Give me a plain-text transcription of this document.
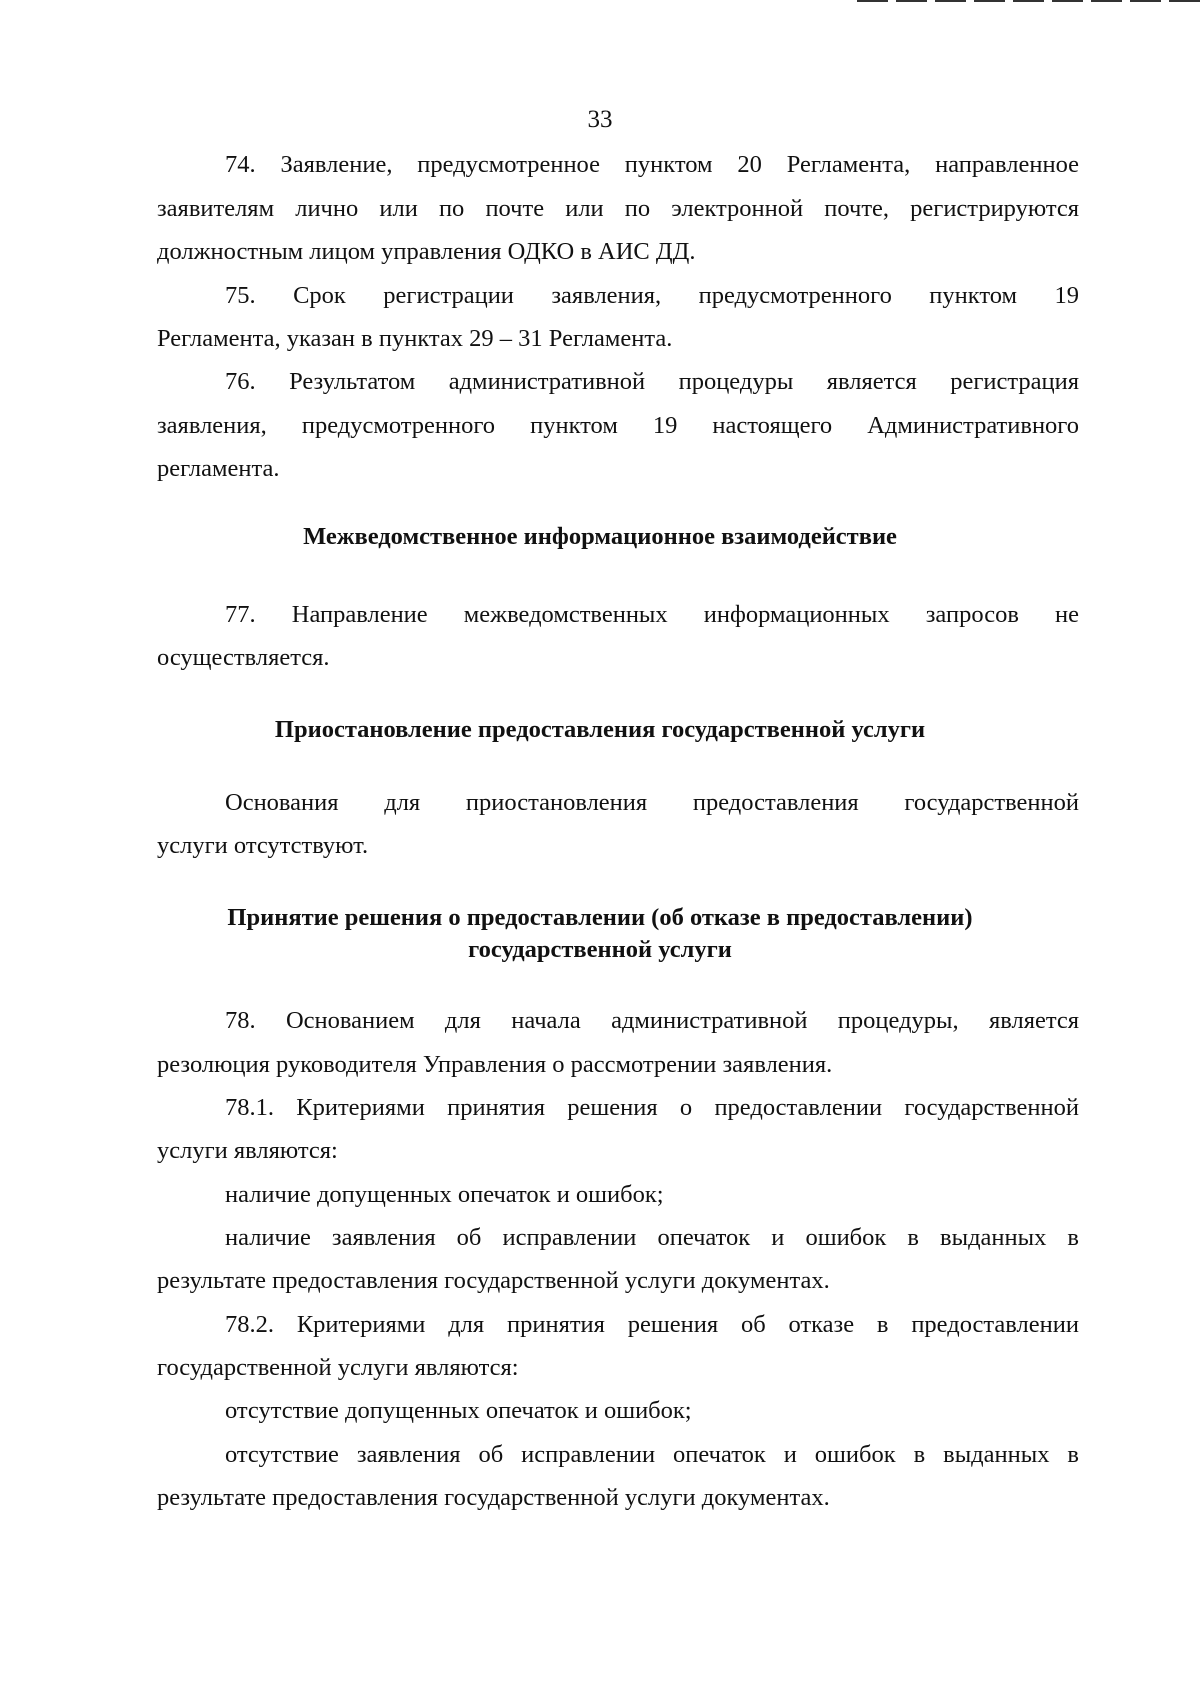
33
74. Заявление, предусмотренное пунктом 20 Регламента, направленное
заявителям лично или по почте или по электронной почте, регистрируются
должностным лицом управления ОДКО в АИС ДД.
75. Срок регистрации заявления, предусмотренного пунктом 19
Регламента, указан в пунктах 29 – 31 Регламента.
76. Результатом административной процедуры является регистрация
заявления, предусмотренного пунктом 19 настоящего Административного
регламента.
Межведомственное информационное взаимодействие
77. Направление межведомственных информационных запросов не
осуществляется.
Приостановление предоставления государственной услуги
Основания для приостановления предоставления государственной
услуги отсутствуют.
Принятие решения о предоставлении (об отказе в предоставлении)
государственной услуги
78. Основанием для начала административной процедуры, является
резолюция руководителя Управления о рассмотрении заявления.
78.1. Критериями принятия решения о предоставлении государственной
услуги являются:
наличие допущенных опечаток и ошибок;
наличие заявления об исправлении опечаток и ошибок в выданных в
результате предоставления государственной услуги документах.
78.2. Критериями для принятия решения об отказе в предоставлении
государственной услуги являются:
отсутствие допущенных опечаток и ошибок;
отсутствие заявления об исправлении опечаток и ошибок в выданных в
результате предоставления государственной услуги документах.
